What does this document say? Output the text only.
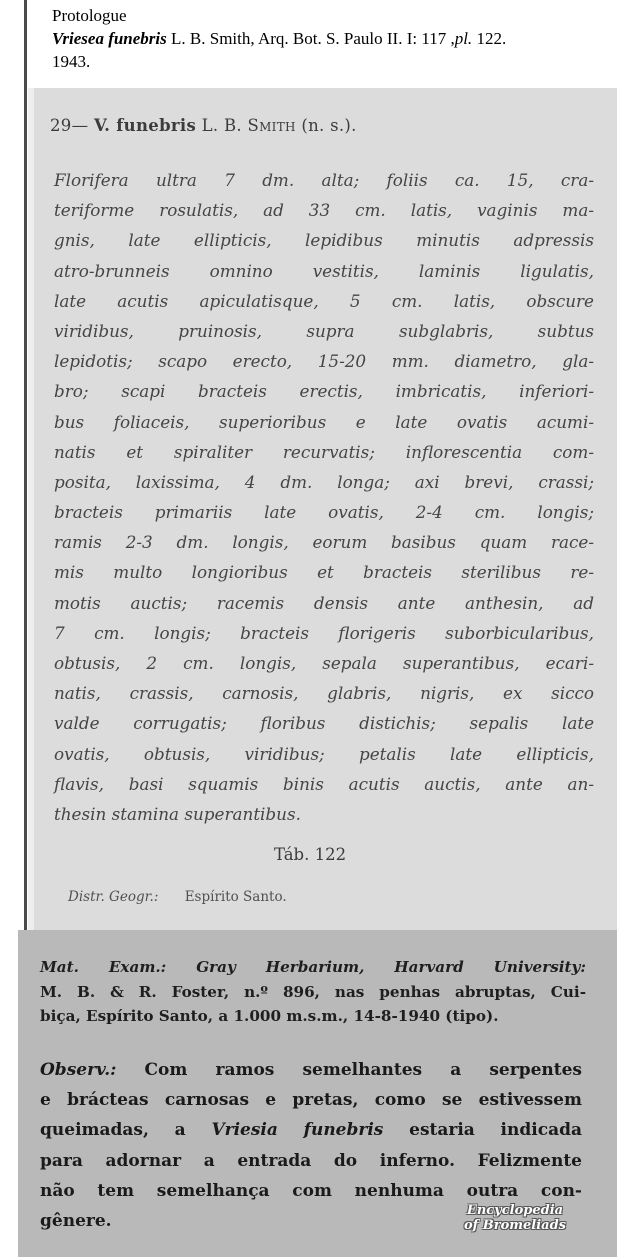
Protologue
Vriesea funebris L. B. Smith, Arq. Bot. S. Paulo II. I: 117 ,pl. 122.
1943.
29— V. funebris L. B. Smith (n. s.).
Florifera ultra 7 dm. alta; foliis ca. 15, cra-
teriforme rosulatis, ad 33 cm. latis, vaginis ma-
gnis, late ellipticis, lepidibus minutis adpressis
atro-brunneis omnino vestitis, laminis ligulatis,
late acutis apiculatisque, 5 cm. latis, obscure
viridibus, pruinosis, supra subglabris, subtus
lepidotis; scapo erecto, 15-20 mm. diametro, gla-
bro; scapi bracteis erectis, imbricatis, inferiori-
bus foliaceis, superioribus e late ovatis acumi-
natis et spiraliter recurvatis; inflorescentia com-
posita, laxissima, 4 dm. longa; axi brevi, crassi;
bracteis primariis late ovatis, 2-4 cm. longis;
ramis 2-3 dm. longis, eorum basibus quam race-
mis multo longioribus et bracteis sterilibus re-
motis auctis; racemis densis ante anthesin, ad
7 cm. longis; bracteis florigeris suborbicularibus,
obtusis, 2 cm. longis, sepala superantibus, ecari-
natis, crassis, carnosis, glabris, nigris, ex sicco
valde corrugatis; floribus distichis; sepalis late
ovatis, obtusis, viridibus; petalis late ellipticis,
flavis, basi squamis binis acutis auctis, ante an-
thesin stamina superantibus.
Táb. 122
Distr. Geogr.: Espírito Santo.
Mat. Exam.: Gray Herbarium, Harvard University:
M. B. & R. Foster, n.º 896, nas penhas abruptas, Cui-
biça, Espírito Santo, a 1.000 m.s.m., 14-8-1940 (tipo).
Observ.: Com ramos semelhantes a serpentes
e brácteas carnosas e pretas, como se estivessem
queimadas, a Vriesia funebris estaria indicada
para adornar a entrada do inferno. Felizmente
não tem semelhança com nenhuma outra con-
gênere.
Encyclopedia
of Bromeliads
